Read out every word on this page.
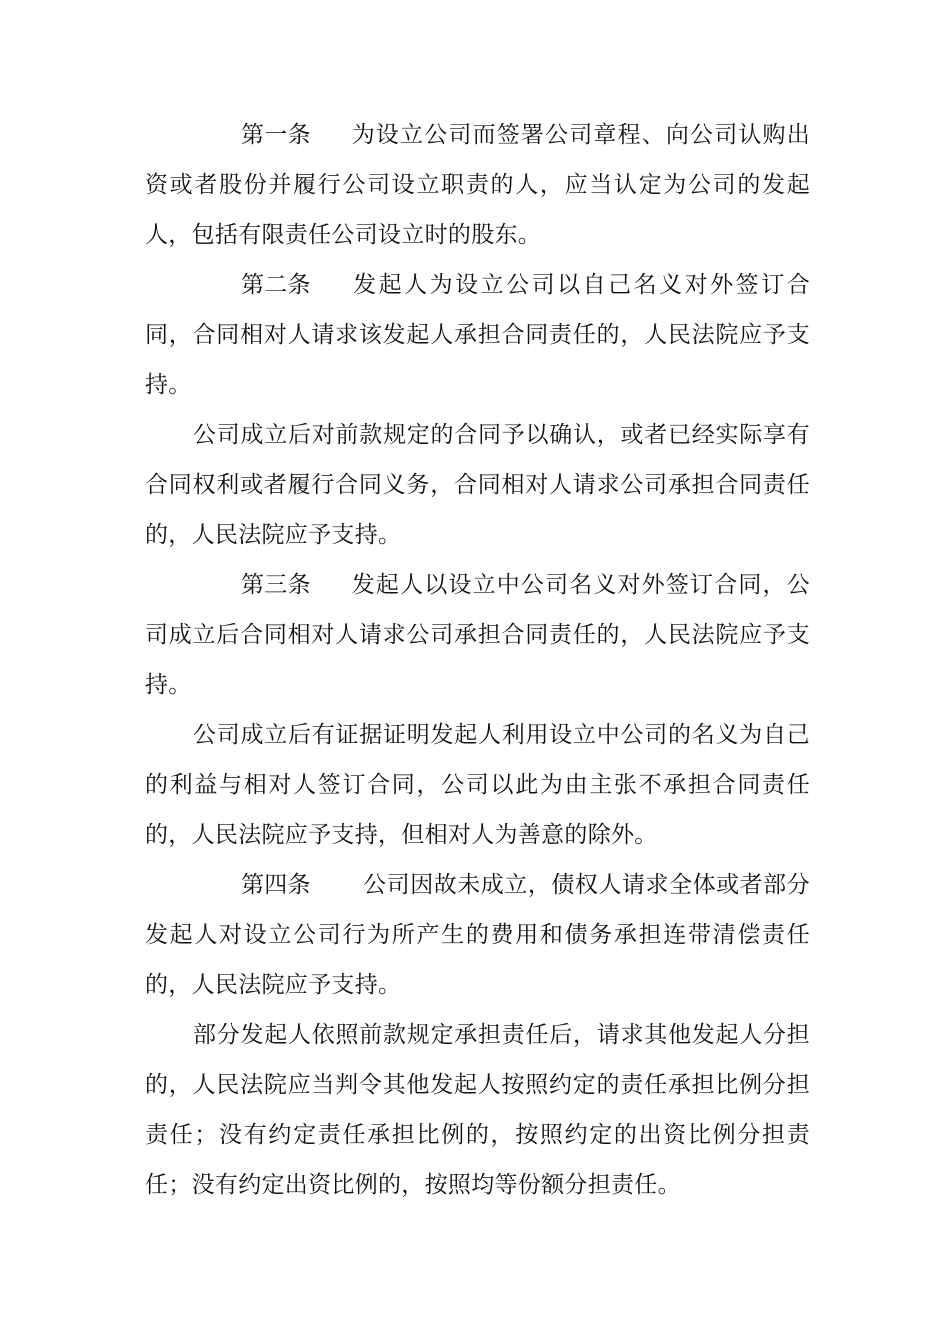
第一条 为设立公司而签署公司章程、向公司认购出资或者股份并履行公司设立职责的人，应当认定为公司的发起人，包括有限责任公司设立时的股东。

第二条 发起人为设立公司以自己名义对外签订合同，合同相对人请求该发起人承担合同责任的，人民法院应予支持。

公司成立后对前款规定的合同予以确认，或者已经实际享有合同权利或者履行合同义务，合同相对人请求公司承担合同责任的，人民法院应予支持。

第三条 发起人以设立中公司名义对外签订合同，公司成立后合同相对人请求公司承担合同责任的，人民法院应予支持。

公司成立后有证据证明发起人利用设立中公司的名义为自己的利益与相对人签订合同，公司以此为由主张不承担合同责任的，人民法院应予支持，但相对人为善意的除外。

第四条 公司因故未成立，债权人请求全体或者部分发起人对设立公司行为所产生的费用和债务承担连带清偿责任的，人民法院应予支持。

部分发起人依照前款规定承担责任后，请求其他发起人分担的，人民法院应当判令其他发起人按照约定的责任承担比例分担责任；没有约定责任承担比例的，按照约定的出资比例分担责任；没有约定出资比例的，按照均等份额分担责任。
